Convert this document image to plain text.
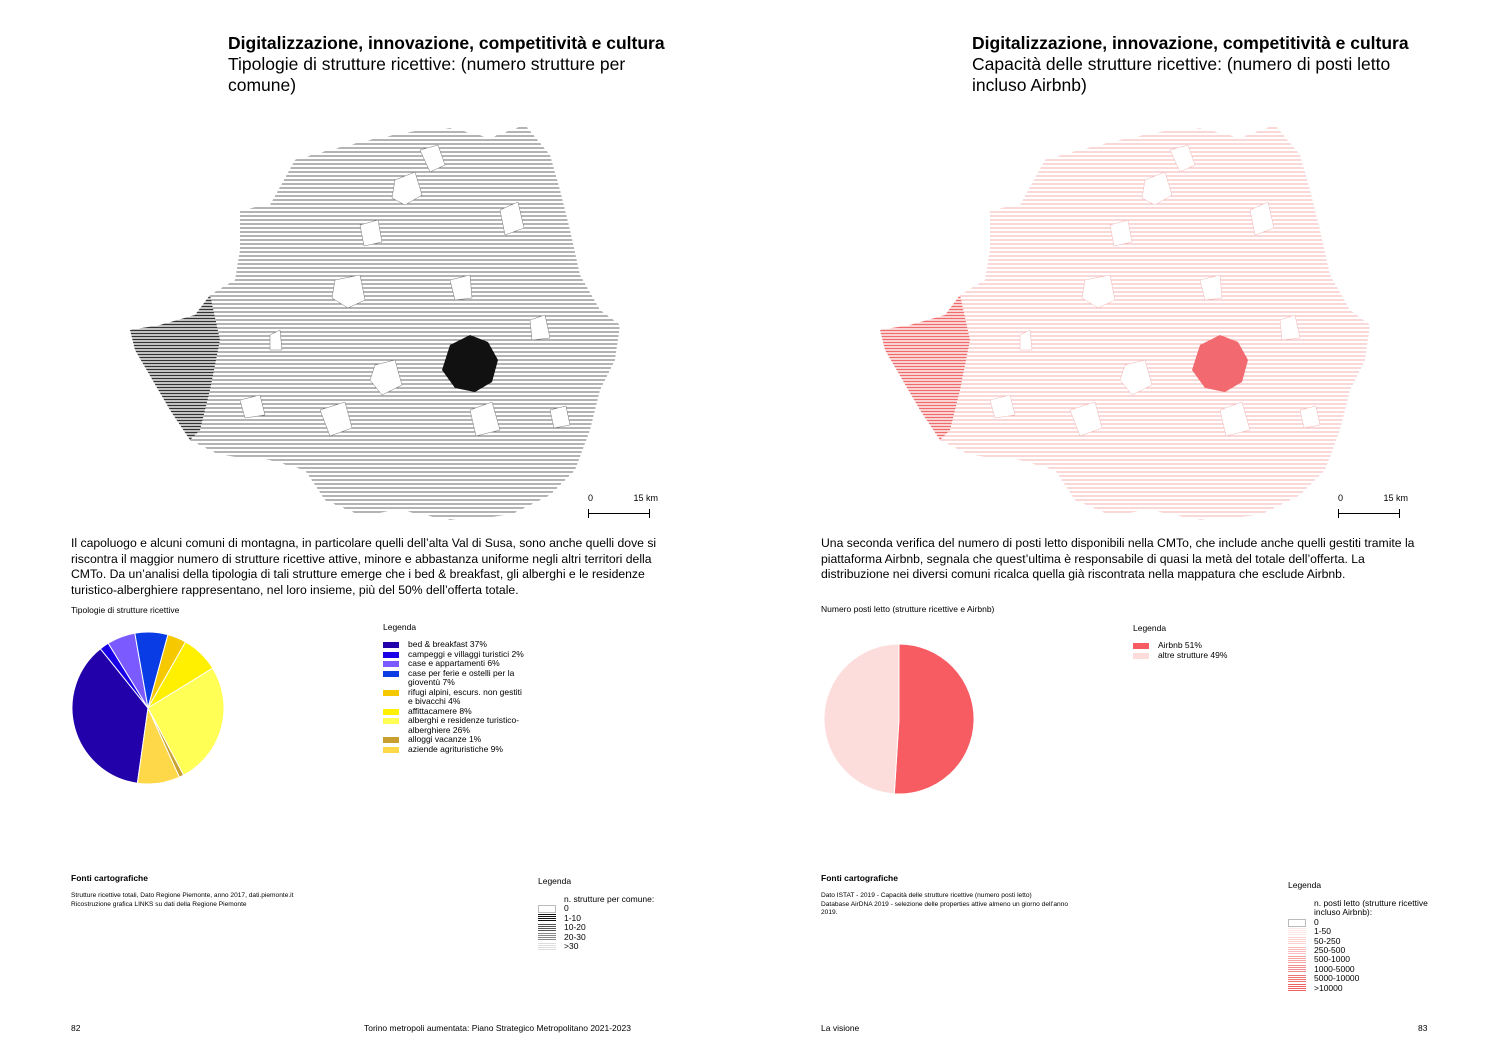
Digitalizzazione, innovazione, competitività e cultura
Tipologie di strutture ricettive: (numero strutture per comune)
0	15 km
Il capoluogo e alcuni comuni di montagna, in particolare quelli dell’alta Val di Susa, sono anche quelli dove si riscontra il maggior numero di strutture ricettive attive, minore e abbastanza uniforme negli altri territori della CMTo. Da un’analisi della tipologia di tali strutture emerge che i bed & breakfast, gli alberghi e le residenze turistico-alberghiere rappresentano, nel loro insieme, più del 50% dell’offerta totale.
Tipologie di strutture ricettive
Legenda
bed & breakfast 37%
campeggi e villaggi turistici 2%
case e appartamenti 6%
case per ferie e ostelli per la gioventù 7%
rifugi alpini, escurs. non gestiti e bivacchi 4%
affittacamere 8%
alberghi e residenze turistico-alberghiere 26%
alloggi vacanze 1%
aziende agrituristiche 9%
Fonti cartografiche
Strutture ricettive totali, Dato Regione Piemonte, anno 2017, dati.piemonte.it
Ricostruzione grafica LINKS su dati della Regione Piemonte
Legenda
n. strutture per comune:
0
1-10
10-20
20-30
>30
82	Torino metropoli aumentata: Piano Strategico Metropolitano 2021-2023
Digitalizzazione, innovazione, competitività e cultura
Capacità delle strutture ricettive: (numero di posti letto incluso Airbnb)
0	15 km
Una seconda verifica del numero di posti letto disponibili nella CMTo, che include anche quelli gestiti tramite la piattaforma Airbnb, segnala che quest’ultima è responsabile di quasi la metà del totale dell’offerta. La distribuzione nei diversi comuni ricalca quella già riscontrata nella mappatura che esclude Airbnb.
Numero posti letto (strutture ricettive e Airbnb)
Legenda
Airbnb 51%
altre strutture 49%
Fonti cartografiche
Dato ISTAT - 2019 - Capacità delle strutture ricettive (numero posti letto)
Database AirDNA 2019 - selezione delle properties attive almeno un giorno dell’anno
2019.
Legenda
n. posti letto (strutture ricettive incluso Airbnb):
0
1-50
50-250
250-500
500-1000
1000-5000
5000-10000
>10000
La visione	83
